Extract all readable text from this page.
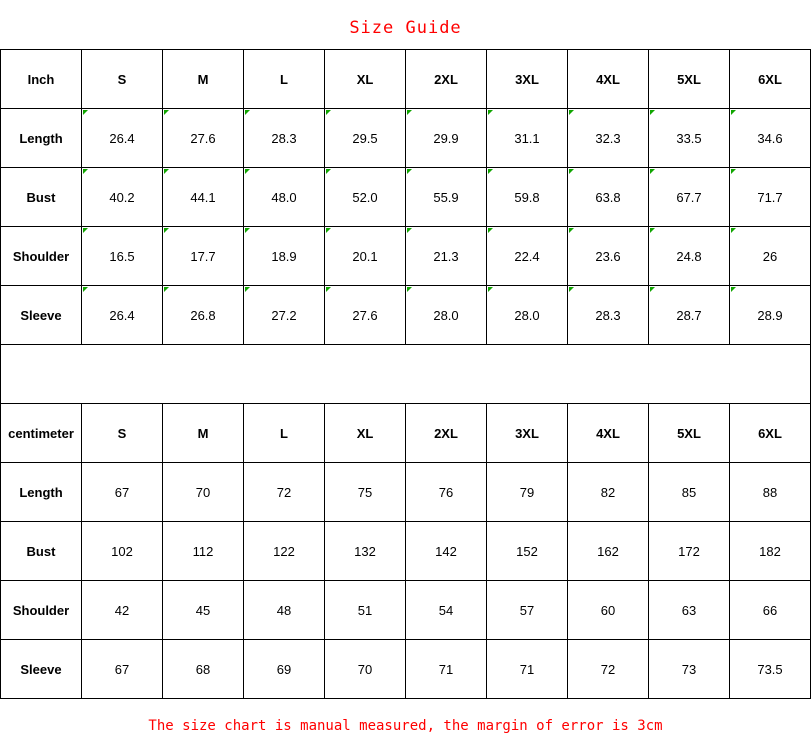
Size Guide
Inch	S	M	L	XL	2XL	3XL	4XL	5XL	6XL
Length	26.4	27.6	28.3	29.5	29.9	31.1	32.3	33.5	34.6
Bust	40.2	44.1	48.0	52.0	55.9	59.8	63.8	67.7	71.7
Shoulder	16.5	17.7	18.9	20.1	21.3	22.4	23.6	24.8	26
Sleeve	26.4	26.8	27.2	27.6	28.0	28.0	28.3	28.7	28.9

centimeter	S	M	L	XL	2XL	3XL	4XL	5XL	6XL
Length	67	70	72	75	76	79	82	85	88
Bust	102	112	122	132	142	152	162	172	182
Shoulder	42	45	48	51	54	57	60	63	66
Sleeve	67	68	69	70	71	71	72	73	73.5
The size chart is manual measured, the margin of error is 3cm
